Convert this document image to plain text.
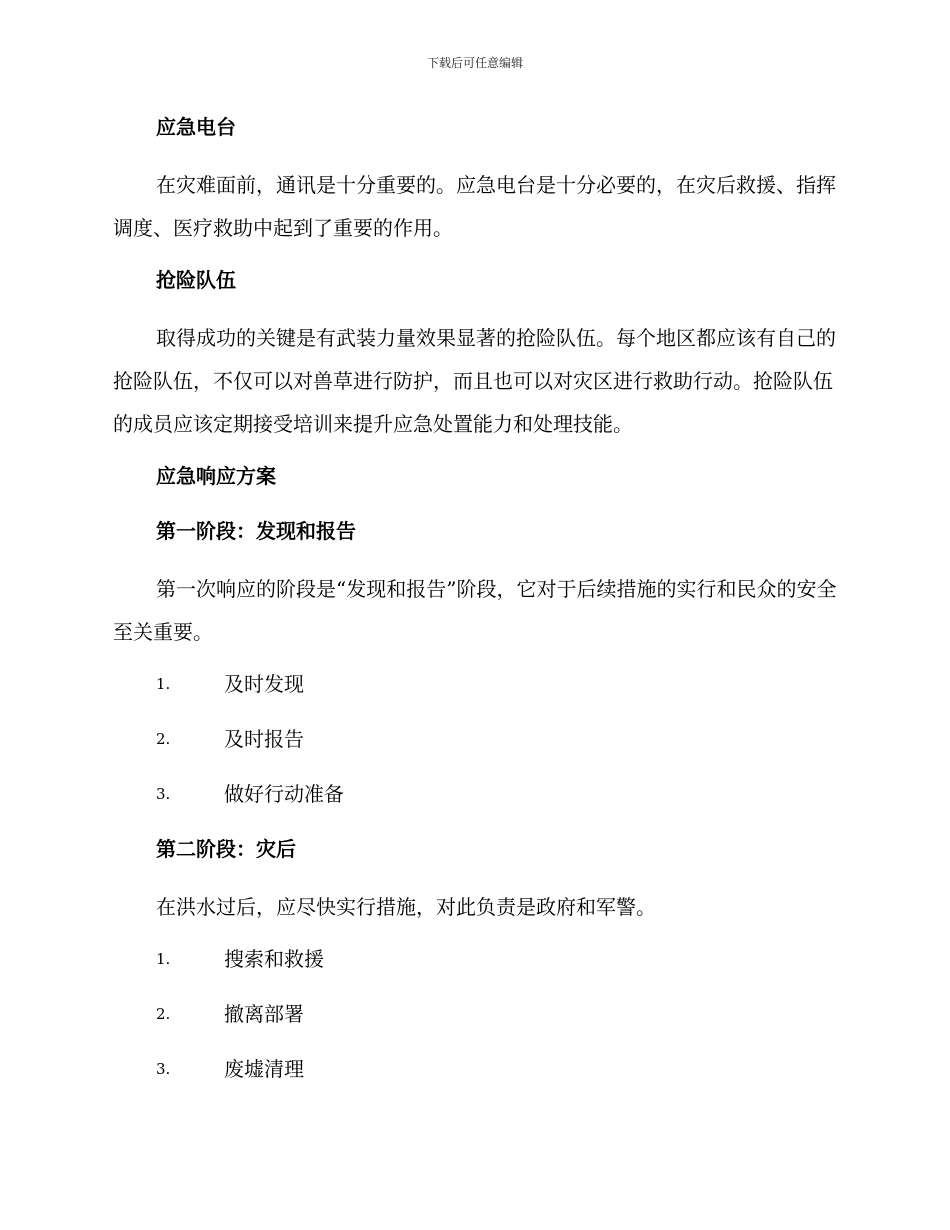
下载后可任意编辑
应急电台
在灾难面前，通讯是十分重要的。应急电台是十分必要的，在灾后救援、指挥调度、医疗救助中起到了重要的作用。
抢险队伍
取得成功的关键是有武装力量效果显著的抢险队伍。每个地区都应该有自己的抢险队伍，不仅可以对兽草进行防护，而且也可以对灾区进行救助行动。抢险队伍的成员应该定期接受培训来提升应急处置能力和处理技能。
应急响应方案
第一阶段：发现和报告
第一次响应的阶段是“发现和报告”阶段，它对于后续措施的实行和民众的安全至关重要。
1.	及时发现
2.	及时报告
3.	做好行动准备
第二阶段：灾后
在洪水过后，应尽快实行措施，对此负责是政府和军警。
1.	搜索和救援
2.	撤离部署
3.	废墟清理
